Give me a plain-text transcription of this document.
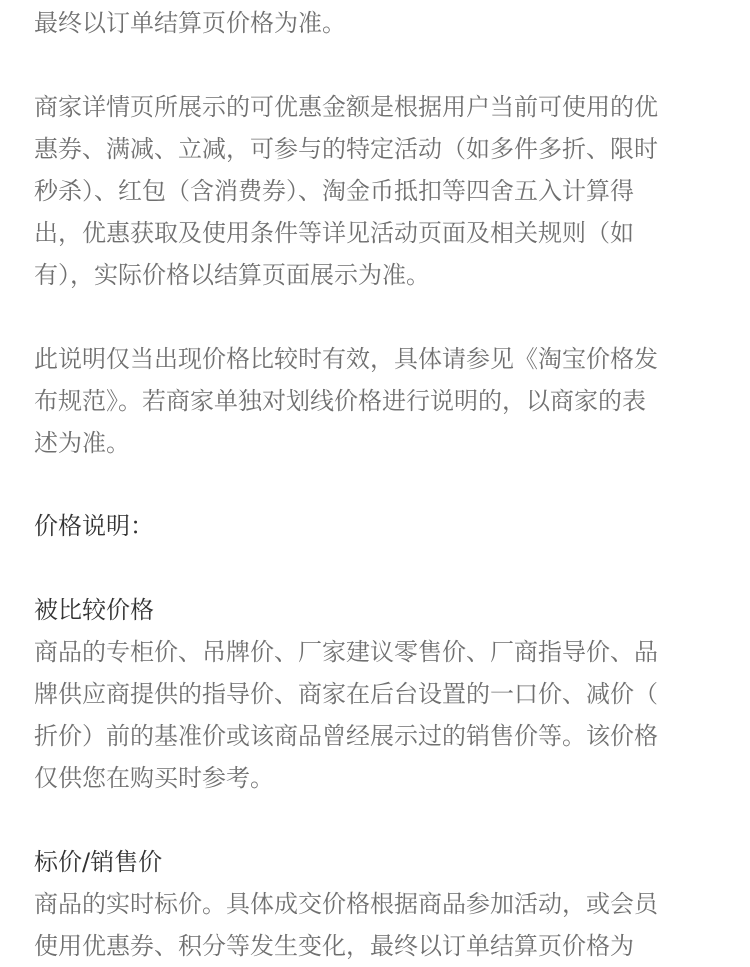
最终以订单结算页价格为准。
商家详情页所展示的可优惠金额是根据用户当前可使用的优
惠券、满减、立减，可参与的特定活动（如多件多折、限时
秒杀）、红包（含消费券）、淘金币抵扣等四舍五入计算得
出，优惠获取及使用条件等详见活动页面及相关规则（如
有），实际价格以结算页面展示为准。
此说明仅当出现价格比较时有效，具体请参见《淘宝价格发
布规范》。若商家单独对划线价格进行说明的，以商家的表
述为准。
价格说明：
被比较价格
商品的专柜价、吊牌价、厂家建议零售价、厂商指导价、品
牌供应商提供的指导价、商家在后台设置的一口价、减价（
折价）前的基准价或该商品曾经展示过的销售价等。该价格
仅供您在购买时参考。
标价/销售价
商品的实时标价。具体成交价格根据商品参加活动，或会员
使用优惠券、积分等发生变化，最终以订单结算页价格为
